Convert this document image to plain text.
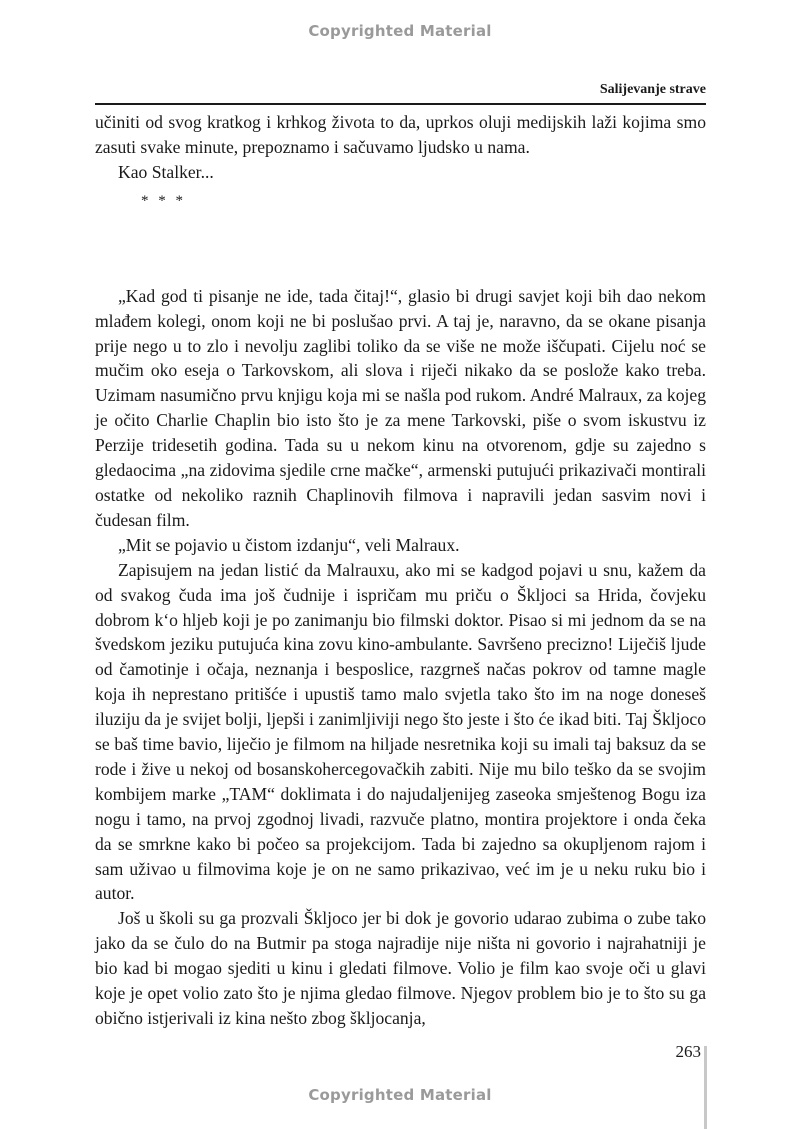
Copyrighted Material
Salijevanje strave

učiniti od svog kratkog i krhkog života to da, uprkos oluji medijskih laži kojima smo zasuti svake minute, prepoznamo i sačuvamo ljudsko u nama.

Kao Stalker...

* * *

„Kad god ti pisanje ne ide, tada čitaj!“, glasio bi drugi savjet koji bih dao nekom mlađem kolegi, onom koji ne bi poslušao prvi. A taj je, naravno, da se okane pisanja prije nego u to zlo i nevolju zaglibi toliko da se više ne može iščupati. Cijelu noć se mučim oko eseja o Tarkovskom, ali slova i riječi nikako da se poslože kako treba. Uzimam nasumično prvu knjigu koja mi se našla pod rukom. André Malraux, za kojeg je očito Charlie Chaplin bio isto što je za mene Tarkovski, piše o svom iskustvu iz Perzije tridesetih godina. Tada su u nekom kinu na otvorenom, gdje su zajedno s gledaocima „na zidovima sjedile crne mačke“, armenski putujući prikazivači montirali ostatke od nekoliko raznih Chaplinovih filmova i napravili jedan sasvim novi i čudesan film.

„Mit se pojavio u čistom izdanju“, veli Malraux.

Zapisujem na jedan listić da Malrauxu, ako mi se kadgod pojavi u snu, kažem da od svakog čuda ima još čudnije i ispričam mu priču o Škljoci sa Hrida, čovjeku dobrom k‘o hljeb koji je po zanimanju bio filmski doktor. Pisao si mi jednom da se na švedskom jeziku putujuća kina zovu kino-ambulante. Savršeno precizno! Liječiš ljude od čamotinje i očaja, neznanja i besposlice, razgrneš načas pokrov od tamne magle koja ih neprestano pritišće i upustiš tamo malo svjetla tako što im na noge doneseš iluziju da je svijet bolji, ljepši i zanimljiviji nego što jeste i što će ikad biti. Taj Škljoco se baš time bavio, liječio je filmom na hiljade nesretnika koji su imali taj baksuz da se rode i žive u nekoj od bosanskohercegovačkih zabiti. Nije mu bilo teško da se svojim kombijem marke „TAM“ doklimata i do najudaljenijeg zaseoka smještenog Bogu iza nogu i tamo, na prvoj zgodnoj livadi, razvuče platno, montira projektore i onda čeka da se smrkne kako bi počeo sa projekcijom. Tada bi zajedno sa okupljenom rajom i sam uživao u filmovima koje je on ne samo prikazivao, već im je u neku ruku bio i autor.

Još u školi su ga prozvali Škljoco jer bi dok je govorio udarao zubima o zube tako jako da se čulo do na Butmir pa stoga najradije nije ništa ni govorio i najrahatniji je bio kad bi mogao sjediti u kinu i gledati filmove. Volio je film kao svoje oči u glavi koje je opet volio zato što je njima gledao filmove. Njegov problem bio je to što su ga obično istjerivali iz kina nešto zbog škljocanja,

263
Copyrighted Material
